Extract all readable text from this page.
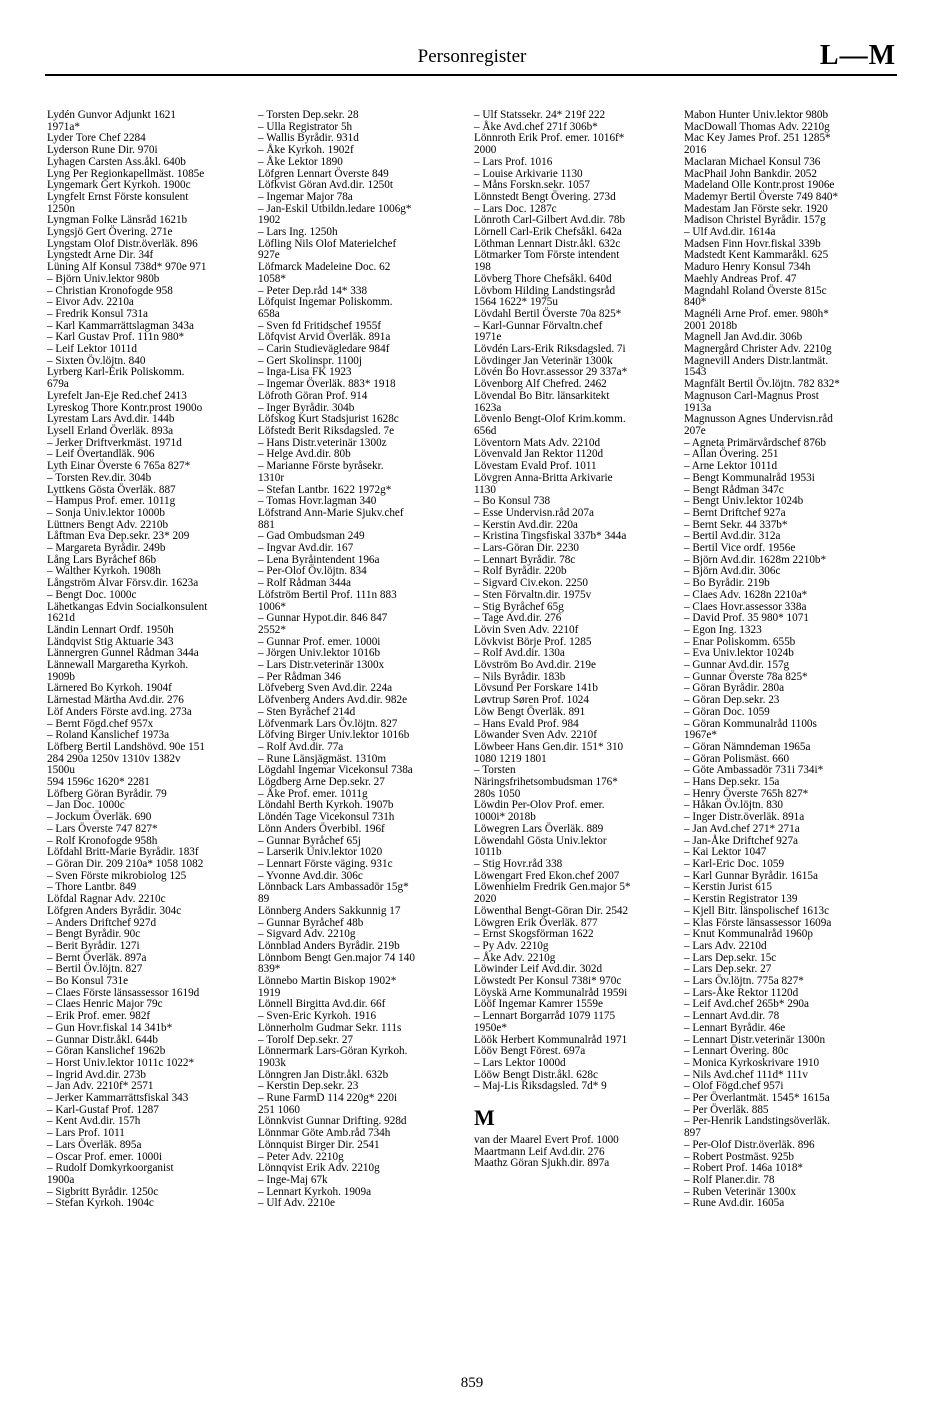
Personregister	L—M
Lydén Gunvor Adjunkt 1621
1971a*
Lyder Tore Chef 2284
Lyderson Rune Dir. 970i
Lyhagen Carsten Ass.åkl. 640b
Lyng Per Regionkapellmäst. 1085e
Lyngemark Gert Kyrkoh. 1900c
Lyngfelt Ernst Förste konsulent
1250n
Lyngman Folke Länsråd 1621b
Lyngsjö Gert Övering. 271e
Lyngstam Olof Distr.överläk. 896
Lyngstedt Arne Dir. 34f
Lüning Alf Konsul 738d* 970e 971
– Björn Univ.lektor 980b
– Christian Kronofogde 958
– Eivor Adv. 2210a
– Fredrik Konsul 731a
– Karl Kammarrättslagman 343a
– Karl Gustav Prof. 111n 980*
– Leif Lektor 1011d
– Sixten Öv.löjtn. 840
Lyrberg Karl-Erik Poliskomm.
679a
Lyrefelt Jan-Eje Red.chef 2413
Lyreskog Thore Kontr.prost 1900o
Lyrestam Lars Avd.dir. 144b
Lysell Erland Överläk. 893a
– Jerker Driftverkmäst. 1971d
– Leif Övertandläk. 906
Lyth Einar Överste 6 765a 827*
– Torsten Rev.dir. 304b
Lyttkens Gösta Överläk. 887
– Hampus Prof. emer. 1011g
– Sonja Univ.lektor 1000b
Lüttners Bengt Adv. 2210b
Låftman Eva Dep.sekr. 23* 209
– Margareta Byrådir. 249b
Lång Lars Byråchef 86b
– Walther Kyrkoh. 1908h
Långström Alvar Försv.dir. 1623a
– Bengt Doc. 1000c
Lähetkangas Edvin Socialkonsulent
1621d
Ländin Lennart Ordf. 1950h
Ländqvist Stig Aktuarie 343
Lännergren Gunnel Rådman 344a
Lännewall Margaretha Kyrkoh.
1909b
Lärnered Bo Kyrkoh. 1904f
Lärnestad Märtha Avd.dir. 276
Löf Anders Förste avd.ing. 273a
– Bernt Fögd.chef 957x
– Roland Kanslichef 1973a
Löfberg Bertil Landshövd. 90e 151
284 290a 1250v 1310v 1382v
1500u
594 1596c 1620* 2281
Löfberg Göran Byrådir. 79
– Jan Doc. 1000c
– Jockum Överläk. 690
– Lars Överste 747 827*
– Rolf Kronofogde 958h
Löfdahl Britt-Marie Byrådir. 183f
– Göran Dir. 209 210a* 1058 1082
– Sven Förste mikrobiolog 125
– Thore Lantbr. 849
Löfdal Ragnar Adv. 2210c
Löfgren Anders Byrådir. 304c
– Anders Driftchef 927d
– Bengt Byrådir. 90c
– Berit Byrådir. 127i
– Bernt Överläk. 897a
– Bertil Öv.löjtn. 827
– Bo Konsul 731e
– Claes Förste länsassessor 1619d
– Claes Henric Major 79c
– Erik Prof. emer. 982f
– Gun Hovr.fiskal 14 341b*
– Gunnar Distr.åkl. 644b
– Göran Kanslichef 1962b
– Horst Univ.lektor 1011c 1022*
– Ingrid Avd.dir. 273b
– Jan Adv. 2210f* 2571
– Jerker Kammarrättsfiskal 343
– Karl-Gustaf Prof. 1287
– Kent Avd.dir. 157h
– Lars Prof. 1011
– Lars Överläk. 895a
– Oscar Prof. emer. 1000i
– Rudolf Domkyrkoorganist
1900a
– Sigbritt Byrådir. 1250c
– Stefan Kyrkoh. 1904c
– Torsten Dep.sekr. 28
– Ulla Registrator 5h
– Wallis Byrådir. 931d
– Åke Kyrkoh. 1902f
– Åke Lektor 1890
Löfgren Lennart Överste 849
Löfkvist Göran Avd.dir. 1250t
– Ingemar Major 78a
– Jan-Eskil Utbildn.ledare 1006g*
1902
– Lars Ing. 1250h
Löfling Nils Olof Materielchef
927e
Löfmarck Madeleine Doc. 62
1058*
– Peter Dep.råd 14* 338
Löfquist Ingemar Poliskomm.
658a
– Sven fd Fritidschef 1955f
Löfqvist Arvid Överläk. 891a
– Carin Studievägledare 984f
– Gert Skolinspr. 1100j
– Inga-Lisa FK 1923
– Ingemar Överläk. 883* 1918
Löfroth Göran Prof. 914
– Inger Byrådir. 304b
Löfskog Kurt Stadsjurist 1628c
Löfstedt Berit Riksdagsled. 7e
– Hans Distr.veterinär 1300z
– Helge Avd.dir. 80b
– Marianne Förste byråsekr.
1310r
– Stefan Lantbr. 1622 1972g*
– Tomas Hovr.lagman 340
Löfstrand Ann-Marie Sjukv.chef
881
– Gad Ombudsman 249
– Ingvar Avd.dir. 167
– Lena Byråintendent 196a
– Per-Olof Öv.löjtn. 834
– Rolf Rådman 344a
Löfström Bertil Prof. 111n 883
1006*
– Gunnar Hypot.dir. 846 847
2552*
– Gunnar Prof. emer. 1000i
– Jörgen Univ.lektor 1016b
– Lars Distr.veterinär 1300x
– Per Rådman 346
Löfveberg Sven Avd.dir. 224a
Löfvenberg Anders Avd.dir. 982e
– Sten Byråchef 214d
Löfvenmark Lars Öv.löjtn. 827
Löfving Birger Univ.lektor 1016b
– Rolf Avd.dir. 77a
– Rune Länsjägmäst. 1310m
Lögdahl Ingemar Vicekonsul 738a
Lögdberg Arne Dep.sekr. 27
– Åke Prof. emer. 1011g
Löndahl Berth Kyrkoh. 1907b
Löndén Tage Vicekonsul 731h
Lönn Anders Överbibl. 196f
– Gunnar Byråchef 65j
– Larserik Univ.lektor 1020
– Lennart Förste väging. 931c
– Yvonne Avd.dir. 306c
Lönnback Lars Ambassadör 15g*
89
Lönnberg Anders Sakkunnig 17
– Gunnar Byråchef 48b
– Sigvard Adv. 2210g
Lönnblad Anders Byrådir. 219b
Lönnbom Bengt Gen.major 74 140
839*
Lönnebo Martin Biskop 1902*
1919
Lönnell Birgitta Avd.dir. 66f
– Sven-Eric Kyrkoh. 1916
Lönnerholm Gudmar Sekr. 111s
– Torolf Dep.sekr. 27
Lönnermark Lars-Göran Kyrkoh.
1903k
Lönngren Jan Distr.åkl. 632b
– Kerstin Dep.sekr. 23
– Rune FarmD 114 220g* 220i
251 1060
Lönnkvist Gunnar Drifting. 928d
Lönnmar Göte Amb.råd 734h
Lönnquist Birger Dir. 2541
– Peter Adv. 2210g
Lönnqvist Erik Adv. 2210g
– Inge-Maj 67k
– Lennart Kyrkoh. 1909a
– Ulf Adv. 2210e
– Ulf Statssekr. 24* 219f 222
– Åke Avd.chef 271f 306b*
Lönnroth Erik Prof. emer. 1016f*
2000
– Lars Prof. 1016
– Louise Arkivarie 1130
– Måns Forskn.sekr. 1057
Lönnstedt Bengt Övering. 273d
– Lars Doc. 1287c
Lönroth Carl-Gilbert Avd.dir. 78b
Lörnell Carl-Erik Chefsåkl. 642a
Löthman Lennart Distr.åkl. 632c
Lötmarker Tom Förste intendent
198
Lövberg Thore Chefsåkl. 640d
Lövbom Hilding Landstingsråd
1564 1622* 1975u
Lövdahl Bertil Överste 70a 825*
– Karl-Gunnar Förvaltn.chef
1971e
Lövdén Lars-Erik Riksdagsled. 7i
Lövdinger Jan Veterinär 1300k
Lövén Bo Hovr.assessor 29 337a*
Lövenborg Alf Chefred. 2462
Lövendal Bo Bitr. länsarkitekt
1623a
Lövenlo Bengt-Olof Krim.komm.
656d
Löventorn Mats Adv. 2210d
Lövenvald Jan Rektor 1120d
Lövestam Evald Prof. 1011
Lövgren Anna-Britta Arkivarie
1130
– Bo Konsul 738
– Esse Undervisn.råd 207a
– Kerstin Avd.dir. 220a
– Kristina Tingsfiskal 337b* 344a
– Lars-Göran Dir. 2230
– Lennart Byrådir. 78c
– Rolf Byrådir. 220b
– Sigvard Civ.ekon. 2250
– Sten Förvaltn.dir. 1975v
– Stig Byråchef 65g
– Tage Avd.dir. 276
Lövin Sven Adv. 2210f
Lövkvist Börje Prof. 1285
– Rolf Avd.dir. 130a
Lövström Bo Avd.dir. 219e
– Nils Byrådir. 183b
Lövsund Per Forskare 141b
Løvtrup Søren Prof. 1024
Löw Bengt Överläk. 891
– Hans Evald Prof. 984
Löwander Sven Adv. 2210f
Löwbeer Hans Gen.dir. 151* 310
1080 1219 1801
– Torsten
Näringsfrihetsombudsman 176*
280s 1050
Löwdin Per-Olov Prof. emer.
1000i* 2018b
Löwegren Lars Överläk. 889
Löwendahl Gösta Univ.lektor
1011b
– Stig Hovr.råd 338
Löwengart Fred Ekon.chef 2007
Löwenhielm Fredrik Gen.major 5*
2020
Löwenthal Bengt-Göran Dir. 2542
Löwgren Erik Överläk. 877
– Ernst Skogsförman 1622
– Py Adv. 2210g
– Åke Adv. 2210g
Löwinder Leif Avd.dir. 302d
Löwstedt Per Konsul 738i* 970c
Löyskä Arne Kommunalråd 1959i
Lööf Ingemar Kamrer 1559e
– Lennart Borgarråd 1079 1175
1950e*
Löök Herbert Kommunalråd 1971
Lööv Bengt Förest. 697a
– Lars Lektor 1000d
Lööw Bengt Distr.åkl. 628c
– Maj-Lis Riksdagsled. 7d* 9
M
van der Maarel Evert Prof. 1000
Maartmann Leif Avd.dir. 276
Maathz Göran Sjukh.dir. 897a
Mabon Hunter Univ.lektor 980b
MacDowall Thomas Adv. 2210g
Mac Key James Prof. 251 1285*
2016
Maclaran Michael Konsul 736
MacPhail John Bankdir. 2052
Madeland Olle Kontr.prost 1906e
Mademyr Bertil Överste 749 840*
Madestam Jan Förste sekr. 1920
Madison Christel Byrådir. 157g
– Ulf Avd.dir. 1614a
Madsen Finn Hovr.fiskal 339b
Madstedt Kent Kammaråkl. 625
Maduro Henry Konsul 734h
Maehly Andreas Prof. 47
Magndahl Roland Överste 815c
840*
Magnéli Arne Prof. emer. 980h*
2001 2018b
Magnell Jan Avd.dir. 306b
Magnergård Christer Adv. 2210g
Magnevill Anders Distr.lantmät.
1543
Magnfält Bertil Öv.löjtn. 782 832*
Magnuson Carl-Magnus Prost
1913a
Magnusson Agnes Undervisn.råd
207e
– Agneta Primärvårdschef 876b
– Allan Övering. 251
– Arne Lektor 1011d
– Bengt Kommunalråd 1953i
– Bengt Rådman 347c
– Bengt Univ.lektor 1024b
– Bernt Driftchef 927a
– Bernt Sekr. 44 337b*
– Bertil Avd.dir. 312a
– Bertil Vice ordf. 1956e
– Björn Avd.dir. 1628m 2210b*
– Björn Avd.dir. 306c
– Bo Byrådir. 219b
– Claes Adv. 1628n 2210a*
– Claes Hovr.assessor 338a
– David Prof. 35 980* 1071
– Egon Ing. 1323
– Enar Poliskomm. 655b
– Eva Univ.lektor 1024b
– Gunnar Avd.dir. 157g
– Gunnar Överste 78a 825*
– Göran Byrådir. 280a
– Göran Dep.sekr. 23
– Göran Doc. 1059
– Göran Kommunalråd 1100s
1967e*
– Göran Nämndeman 1965a
– Göran Polismäst. 660
– Göte Ambassadör 731i 734i*
– Hans Dep.sekr. 15a
– Henry Överste 765h 827*
– Håkan Öv.löjtn. 830
– Inger Distr.överläk. 891a
– Jan Avd.chef 271* 271a
– Jan-Åke Driftchef 927a
– Kai Lektor 1047
– Karl-Eric Doc. 1059
– Karl Gunnar Byrådir. 1615a
– Kerstin Jurist 615
– Kerstin Registrator 139
– Kjell Bitr. länspolischef 1613c
– Klas Förste länsassessor 1609a
– Knut Kommunalråd 1960p
– Lars Adv. 2210d
– Lars Dep.sekr. 15c
– Lars Dep.sekr. 27
– Lars Öv.löjtn. 775a 827*
– Lars-Åke Rektor 1120d
– Leif Avd.chef 265b* 290a
– Lennart Avd.dir. 78
– Lennart Byrådir. 46e
– Lennart Distr.veterinär 1300n
– Lennart Övering. 80c
– Monica Kyrkoskrivare 1910
– Nils Avd.chef 111d* 111v
– Olof Fögd.chef 957i
– Per Överlantmät. 1545* 1615a
– Per Överläk. 885
– Per-Henrik Landstingsöverläk.
897
– Per-Olof Distr.överläk. 896
– Robert Postmäst. 925b
– Robert Prof. 146a 1018*
– Rolf Planer.dir. 78
– Ruben Veterinär 1300x
– Rune Avd.dir. 1605a
859
